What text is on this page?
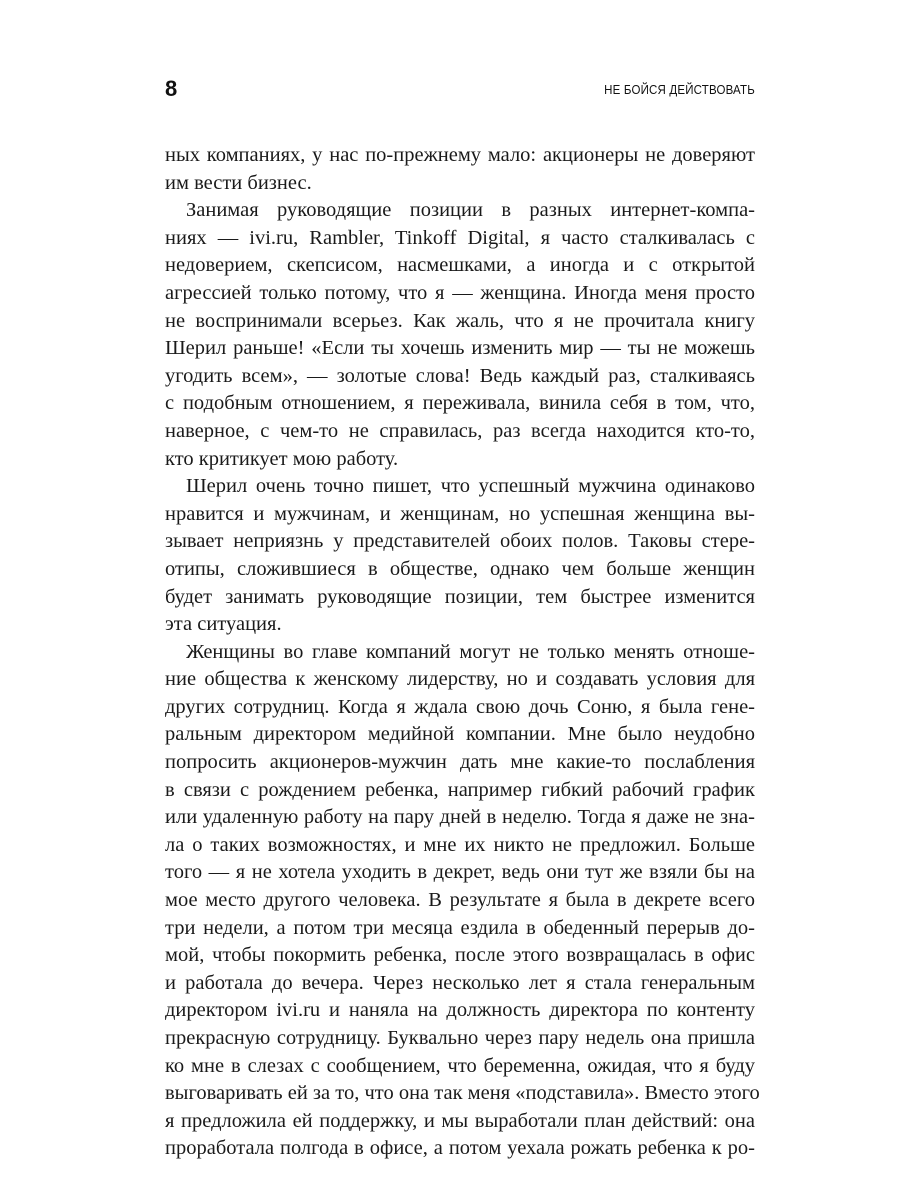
8	НЕ БОЙСЯ ДЕЙСТВОВАТЬ
ных компаниях, у нас по-прежнему мало: акционеры не доверяют
им вести бизнес.
Занимая руководящие позиции в разных интернет-компа-
ниях — ivi.ru, Rambler, Tinkoff Digital, я часто сталкивалась с
недоверием, скепсисом, насмешками, а иногда и с открытой
агрессией только потому, что я — женщина. Иногда меня просто
не воспринимали всерьез. Как жаль, что я не прочитала книгу
Шерил раньше! «Если ты хочешь изменить мир — ты не можешь
угодить всем», — золотые слова! Ведь каждый раз, сталкиваясь
с подобным отношением, я переживала, винила себя в том, что,
наверное, с чем-то не справилась, раз всегда находится кто-то,
кто критикует мою работу.
Шерил очень точно пишет, что успешный мужчина одинаково
нравится и мужчинам, и женщинам, но успешная женщина вы-
зывает неприязнь у представителей обоих полов. Таковы стере-
отипы, сложившиеся в обществе, однако чем больше женщин
будет занимать руководящие позиции, тем быстрее изменится
эта ситуация.
Женщины во главе компаний могут не только менять отноше-
ние общества к женскому лидерству, но и создавать условия для
других сотрудниц. Когда я ждала свою дочь Соню, я была гене-
ральным директором медийной компании. Мне было неудобно
попросить акционеров-мужчин дать мне какие-то послабления
в связи с рождением ребенка, например гибкий рабочий график
или удаленную работу на пару дней в неделю. Тогда я даже не зна-
ла о таких возможностях, и мне их никто не предложил. Больше
того — я не хотела уходить в декрет, ведь они тут же взяли бы на
мое место другого человека. В результате я была в декрете всего
три недели, а потом три месяца ездила в обеденный перерыв до-
мой, чтобы покормить ребенка, после этого возвращалась в офис
и работала до вечера. Через несколько лет я стала генеральным
директором ivi.ru и наняла на должность директора по контенту
прекрасную сотрудницу. Буквально через пару недель она пришла
ко мне в слезах с сообщением, что беременна, ожидая, что я буду
выговаривать ей за то, что она так меня «подставила». Вместо этого
я предложила ей поддержку, и мы выработали план действий: она
проработала полгода в офисе, а потом уехала рожать ребенка к ро-
